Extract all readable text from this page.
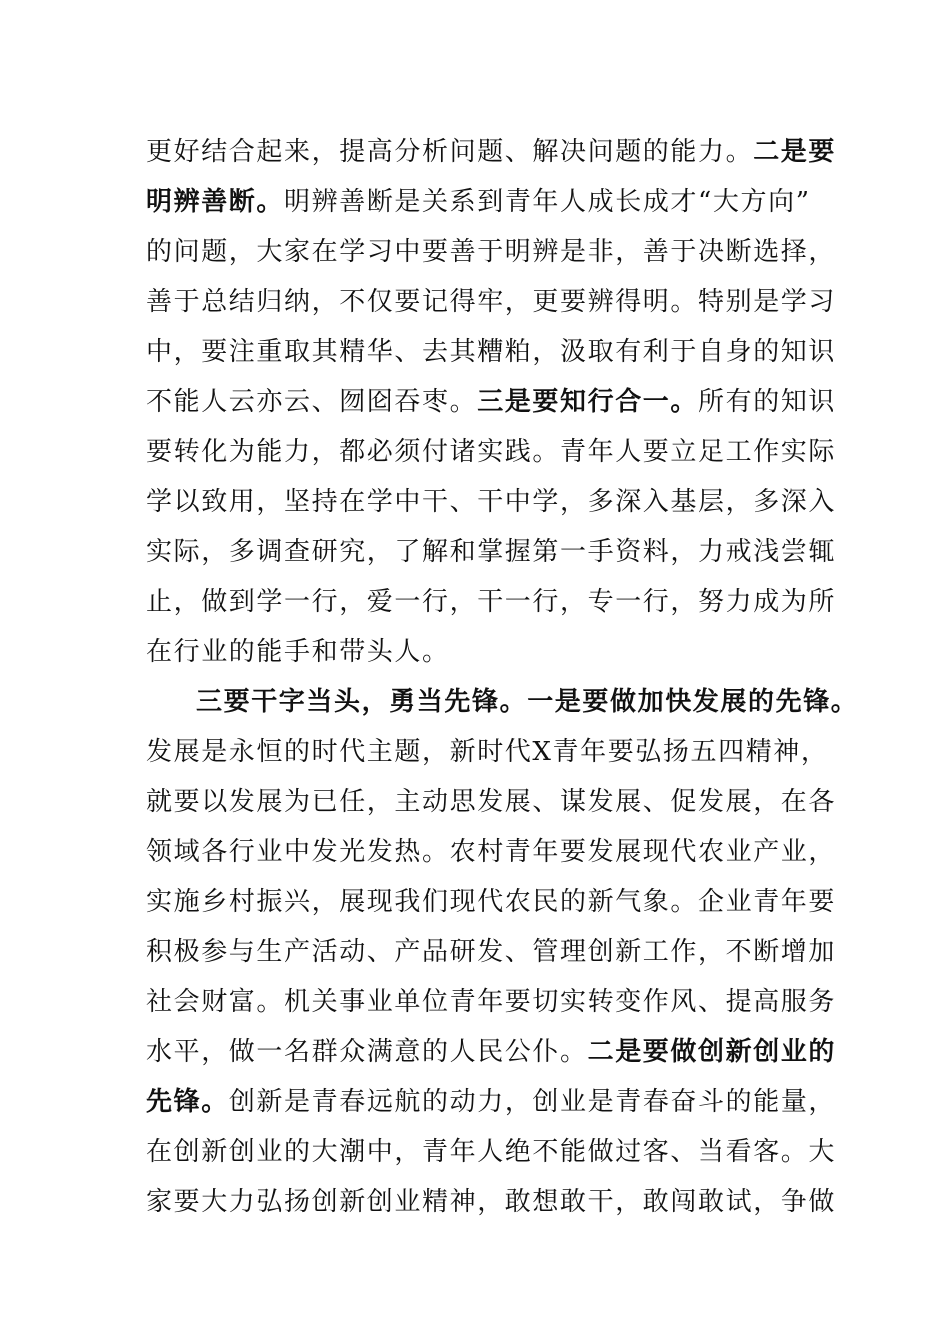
更好结合起来，提高分析问题、解决问题的能力。二是要
明辨善断。明辨善断是关系到青年人成长成才“大方向”
的问题，大家在学习中要善于明辨是非，善于决断选择，
善于总结归纳，不仅要记得牢，更要辨得明。特别是学习
中，要注重取其精华、去其糟粕，汲取有利于自身的知识
不能人云亦云、囫囵吞枣。三是要知行合一。所有的知识
要转化为能力，都必须付诸实践。青年人要立足工作实际
学以致用，坚持在学中干、干中学，多深入基层，多深入
实际，多调查研究，了解和掌握第一手资料，力戒浅尝辄
止，做到学一行，爱一行，干一行，专一行，努力成为所
在行业的能手和带头人。
三要干字当头，勇当先锋。一是要做加快发展的先锋。
发展是永恒的时代主题，新时代X青年要弘扬五四精神，
就要以发展为已任，主动思发展、谋发展、促发展，在各
领域各行业中发光发热。农村青年要发展现代农业产业，
实施乡村振兴，展现我们现代农民的新气象。企业青年要
积极参与生产活动、产品研发、管理创新工作，不断增加
社会财富。机关事业单位青年要切实转变作风、提高服务
水平，做一名群众满意的人民公仆。二是要做创新创业的
先锋。创新是青春远航的动力，创业是青春奋斗的能量，
在创新创业的大潮中，青年人绝不能做过客、当看客。大
家要大力弘扬创新创业精神，敢想敢干，敢闯敢试，争做
